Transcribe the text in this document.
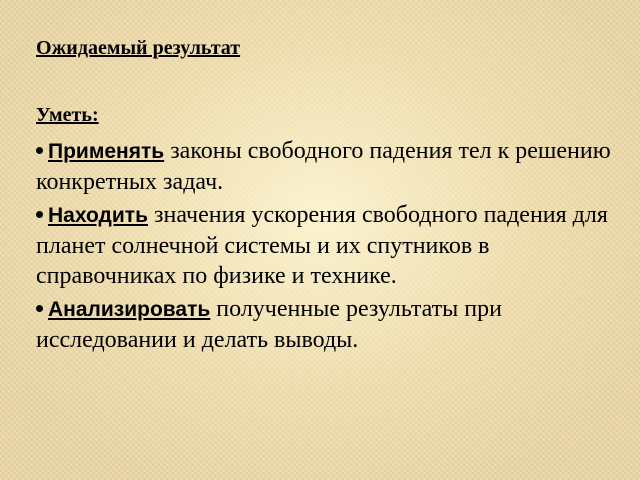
Ожидаемый результат
Уметь:
Применять законы свободного падения тел к решению конкретных задач.
Находить значения ускорения свободного падения для планет солнечной системы и их спутников в справочниках по физике и технике.
Анализировать полученные результаты при исследовании и делать выводы.
